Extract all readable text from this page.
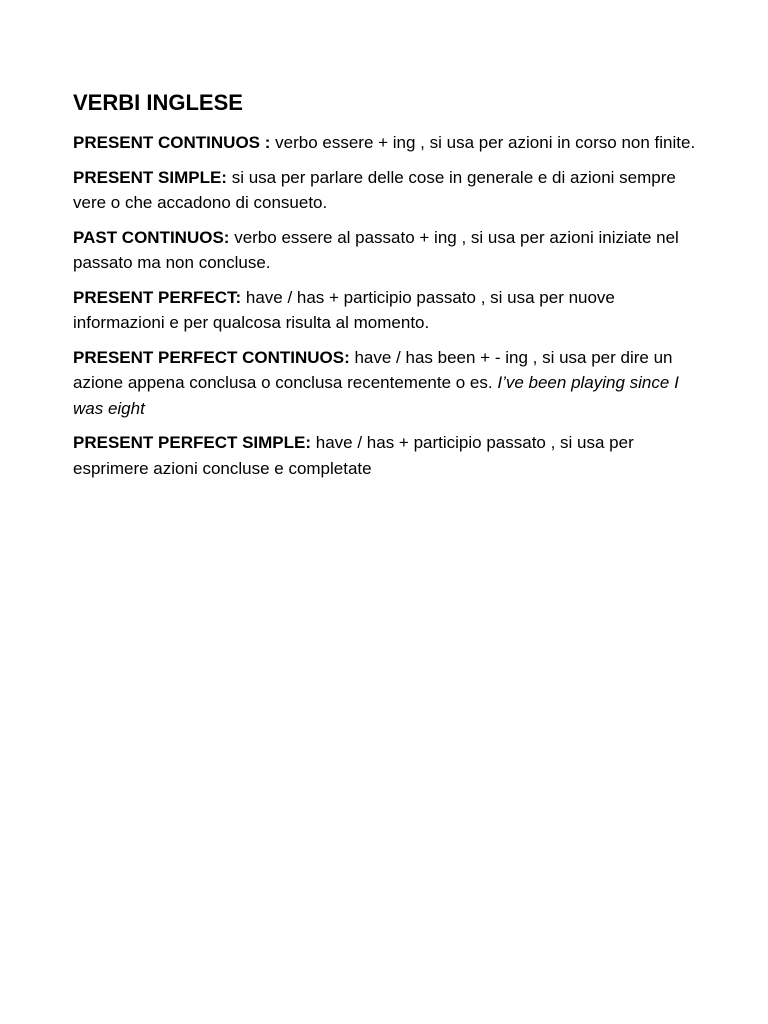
VERBI INGLESE

PRESENT CONTINUOS : verbo essere + ing , si usa per azioni in corso non finite.

PRESENT SIMPLE: si usa per parlare delle cose in generale e di azioni sempre vere o che accadono di consueto.

PAST CONTINUOS: verbo essere al passato + ing , si usa per azioni iniziate nel passato ma non concluse.

PRESENT PERFECT: have / has + participio passato , si usa per nuove informazioni e per qualcosa risulta al momento.

PRESENT PERFECT CONTINUOS: have / has been + - ing , si usa per dire un azione appena conclusa o conclusa recentemente o es. I’ve been playing since I was eight

PRESENT PERFECT SIMPLE: have / has + participio passato , si usa per esprimere azioni concluse e completate
